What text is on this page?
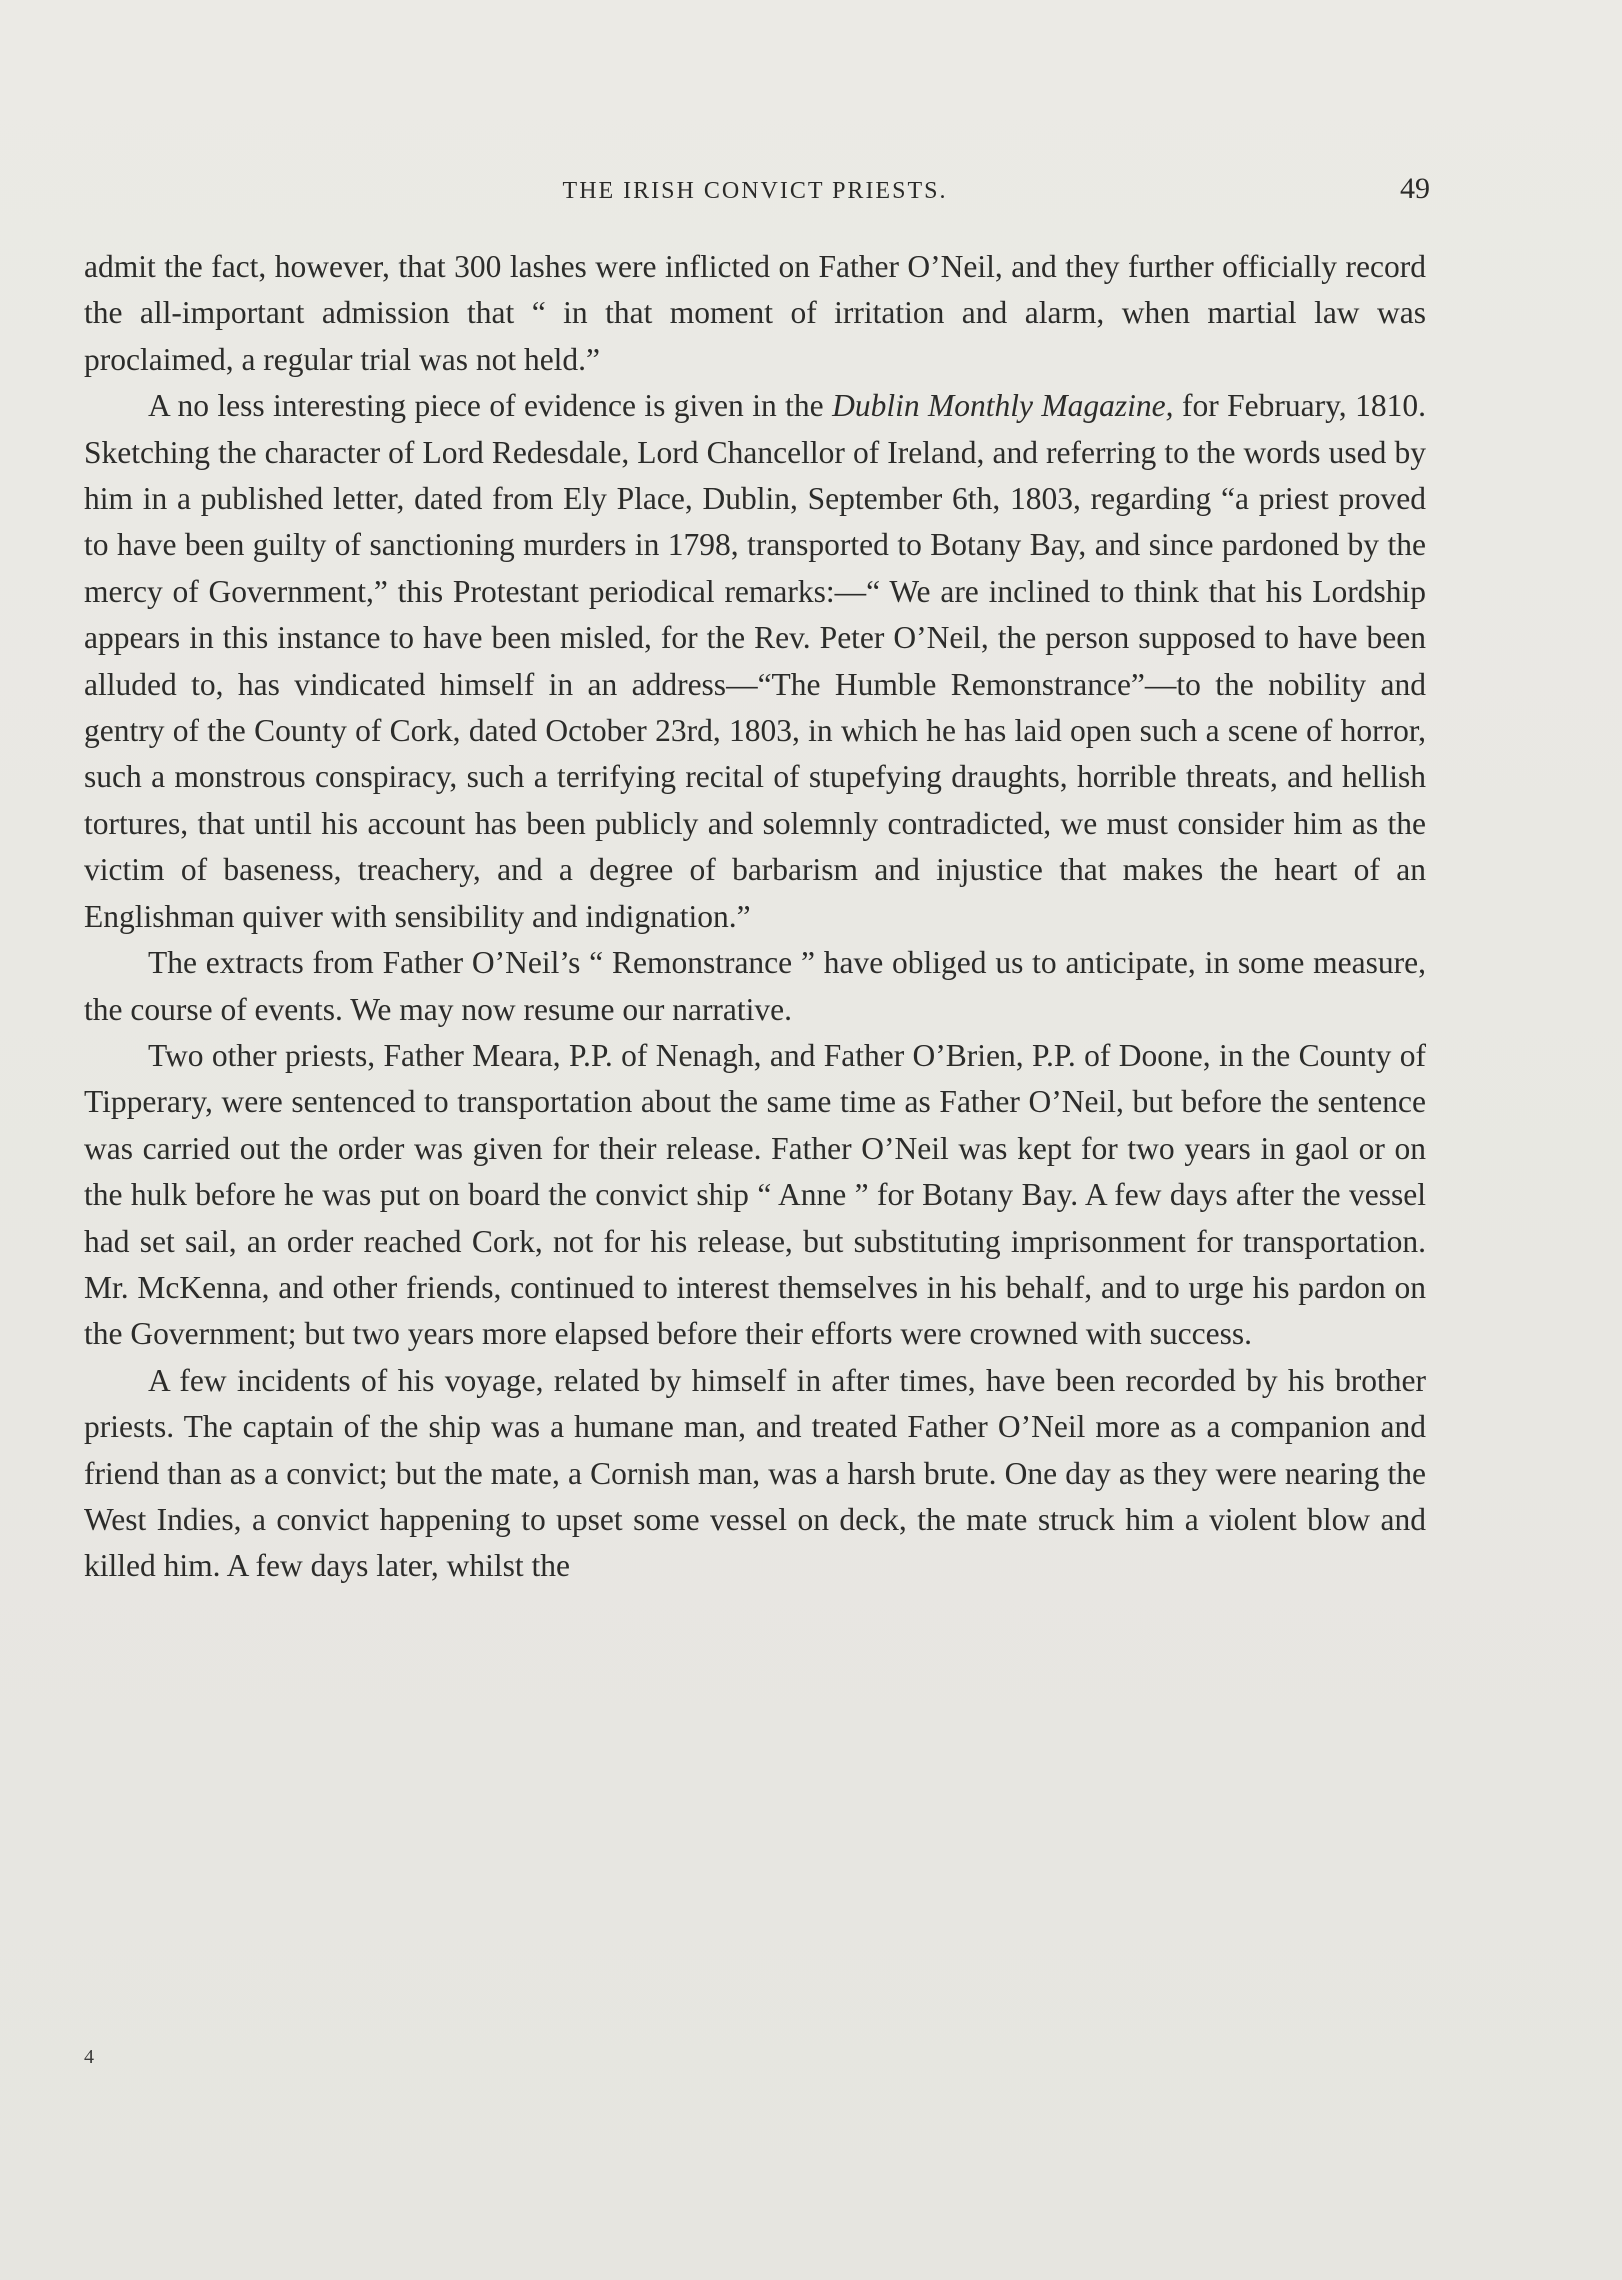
THE IRISH CONVICT PRIESTS.	49

admit the fact, however, that 300 lashes were inflicted on Father O’Neil, and they further officially record the all-important admission that “ in that moment of irritation and alarm, when martial law was proclaimed, a regular trial was not held.”

A no less interesting piece of evidence is given in the Dublin Monthly Magazine, for February, 1810. Sketching the character of Lord Redesdale, Lord Chancellor of Ireland, and referring to the words used by him in a published letter, dated from Ely Place, Dublin, September 6th, 1803, regarding “a priest proved to have been guilty of sanctioning murders in 1798, transported to Botany Bay, and since pardoned by the mercy of Government,” this Protestant periodical remarks:—“ We are inclined to think that his Lordship appears in this instance to have been misled, for the Rev. Peter O’Neil, the person supposed to have been alluded to, has vindicated himself in an address—“The Humble Remonstrance”—to the nobility and gentry of the County of Cork, dated October 23rd, 1803, in which he has laid open such a scene of horror, such a monstrous conspiracy, such a terrifying recital of stupefying draughts, horrible threats, and hellish tortures, that until his account has been publicly and solemnly contradicted, we must consider him as the victim of baseness, treachery, and a degree of barbarism and injustice that makes the heart of an Englishman quiver with sensibility and indignation.”

The extracts from Father O’Neil’s “ Remonstrance ” have obliged us to anticipate, in some measure, the course of events. We may now resume our narrative.

Two other priests, Father Meara, P.P. of Nenagh, and Father O’Brien, P.P. of Doone, in the County of Tipperary, were sentenced to transportation about the same time as Father O’Neil, but before the sentence was carried out the order was given for their release. Father O’Neil was kept for two years in gaol or on the hulk before he was put on board the convict ship “ Anne ” for Botany Bay. A few days after the vessel had set sail, an order reached Cork, not for his release, but substituting imprisonment for transportation. Mr. McKenna, and other friends, continued to interest themselves in his behalf, and to urge his pardon on the Government; but two years more elapsed before their efforts were crowned with success.

A few incidents of his voyage, related by himself in after times, have been recorded by his brother priests. The captain of the ship was a humane man, and treated Father O’Neil more as a companion and friend than as a convict; but the mate, a Cornish man, was a harsh brute. One day as they were nearing the West Indies, a convict happening to upset some vessel on deck, the mate struck him a violent blow and killed him. A few days later, whilst the

4
